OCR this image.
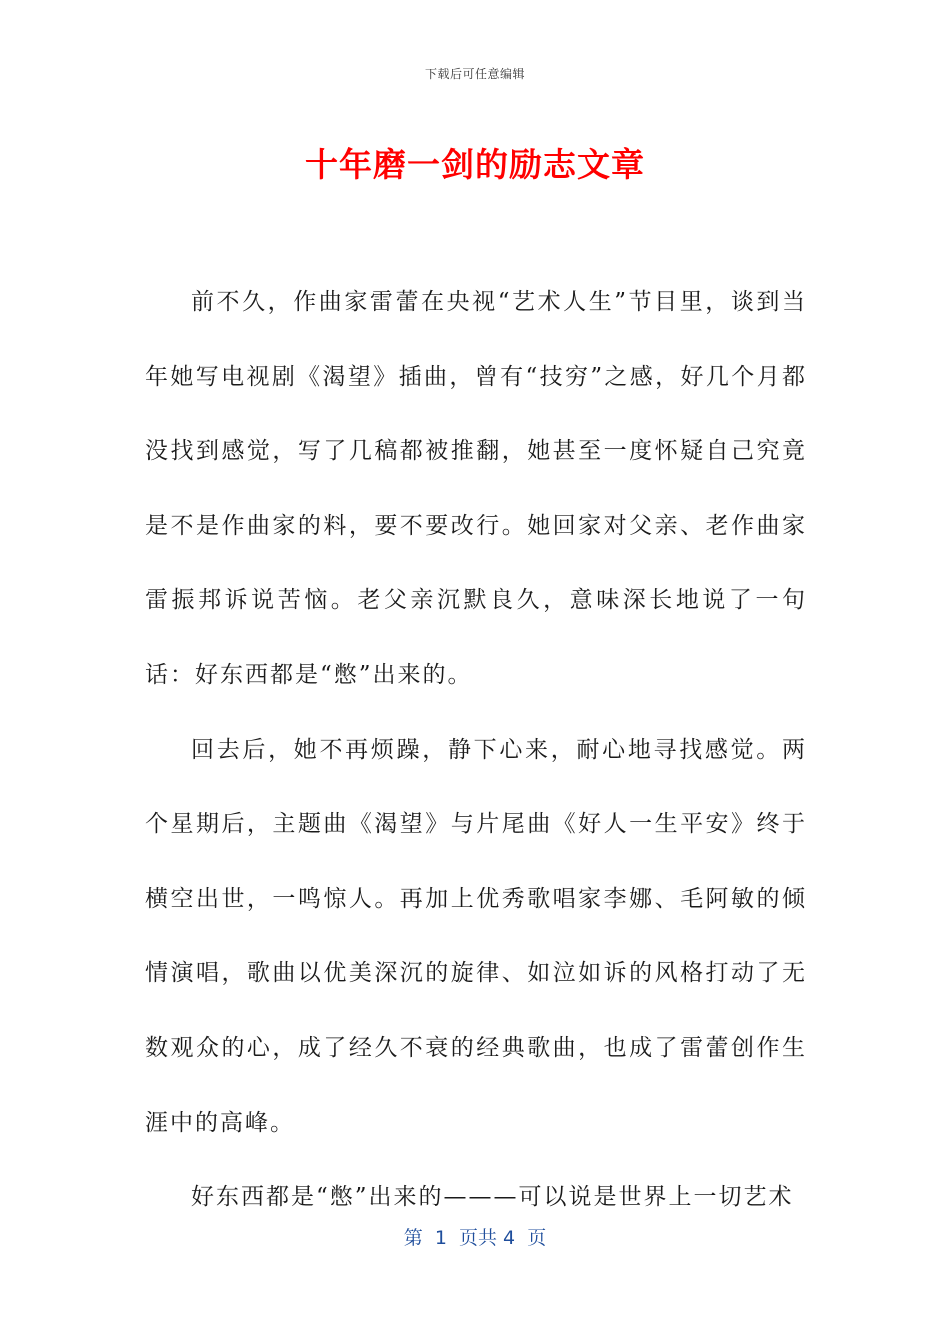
下载后可任意编辑
十年磨一剑的励志文章

前不久，作曲家雷蕾在央视“艺术人生”节目里，谈到当年她写电视剧《渴望》插曲，曾有“技穷”之感，好几个月都没找到感觉，写了几稿都被推翻，她甚至一度怀疑自己究竟是不是作曲家的料，要不要改行。她回家对父亲、老作曲家雷振邦诉说苦恼。老父亲沉默良久，意味深长地说了一句话：好东西都是“憋”出来的。

回去后，她不再烦躁，静下心来，耐心地寻找感觉。两个星期后，主题曲《渴望》与片尾曲《好人一生平安》终于横空出世，一鸣惊人。再加上优秀歌唱家李娜、毛阿敏的倾情演唱，歌曲以优美深沉的旋律、如泣如诉的风格打动了无数观众的心，成了经久不衰的经典歌曲，也成了雷蕾创作生涯中的高峰。

好东西都是“憋”出来的———可以说是世界上一切艺术

第  1  页共 4  页
